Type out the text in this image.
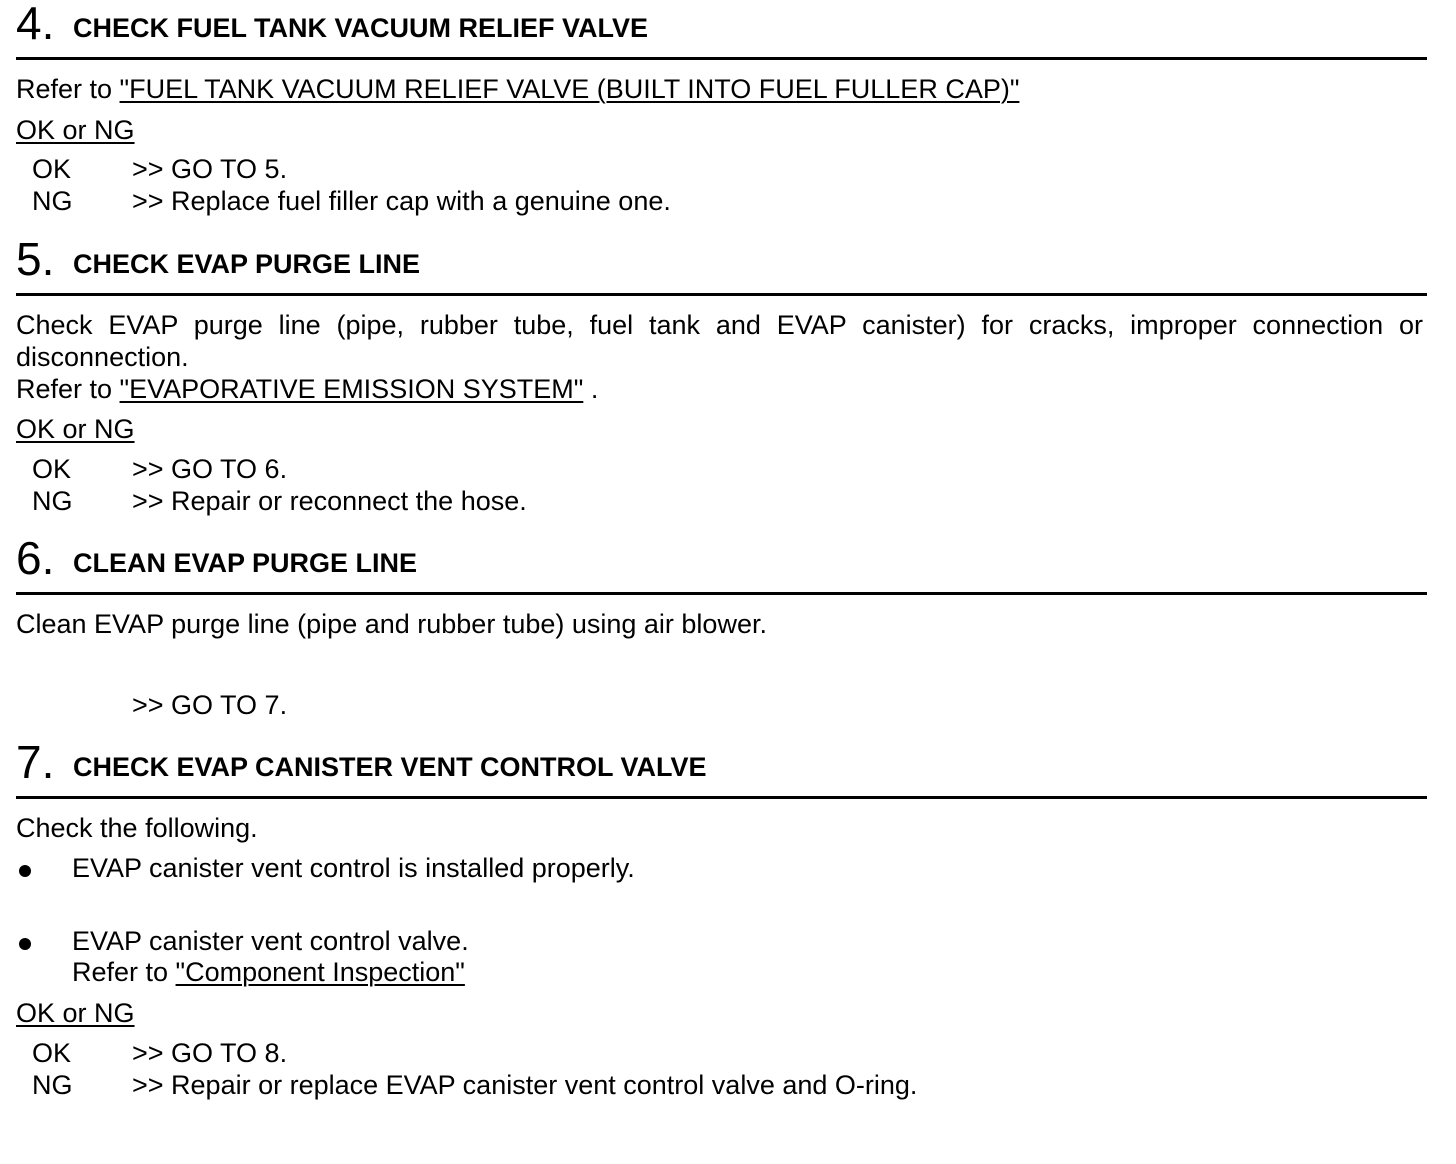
4. CHECK FUEL TANK VACUUM RELIEF VALVE
Refer to "FUEL TANK VACUUM RELIEF VALVE (BUILT INTO FUEL FULLER CAP)"
OK or NG
OK >> GO TO 5.
NG >> Replace fuel filler cap with a genuine one.
5. CHECK EVAP PURGE LINE
Check EVAP purge line (pipe, rubber tube, fuel tank and EVAP canister) for cracks, improper connection or
disconnection.
Refer to "EVAPORATIVE EMISSION SYSTEM" .
OK or NG
OK >> GO TO 6.
NG >> Repair or reconnect the hose.
6. CLEAN EVAP PURGE LINE
Clean EVAP purge line (pipe and rubber tube) using air blower.
>> GO TO 7.
7. CHECK EVAP CANISTER VENT CONTROL VALVE
Check the following.
EVAP canister vent control is installed properly.
EVAP canister vent control valve.
Refer to "Component Inspection"
OK or NG
OK >> GO TO 8.
NG >> Repair or replace EVAP canister vent control valve and O-ring.
